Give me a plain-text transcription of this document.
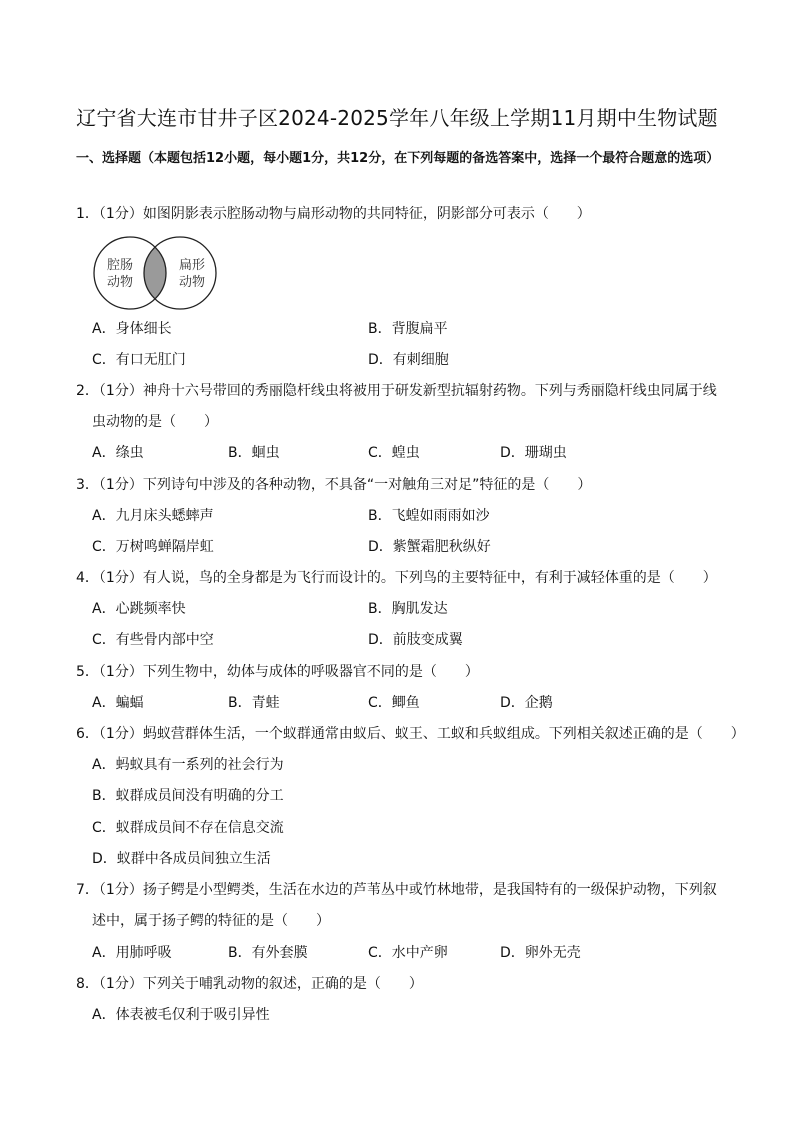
辽宁省大连市甘井子区2024-2025学年八年级上学期11月期中生物试题
一、选择题（本题包括12小题，每小题1分，共12分，在下列每题的备选答案中，选择一个最符合题意的选项）
1．（1分）如图阴影表示腔肠动物与扁形动物的共同特征，阴影部分可表示（　　）
腔肠
动物
扁形
动物
A．身体细长	B．背腹扁平
C．有口无肛门	D．有刺细胞
2．（1分）神舟十六号带回的秀丽隐杆线虫将被用于研发新型抗辐射药物。下列与秀丽隐杆线虫同属于线
虫动物的是（　　）
A．绦虫	B．蛔虫	C．蝗虫	D．珊瑚虫
3．（1分）下列诗句中涉及的各种动物，不具备“一对触角三对足”特征的是（　　）
A．九月床头蟋蟀声	B．飞蝗如雨雨如沙
C．万树鸣蝉隔岸虹	D．紫蟹霜肥秋纵好
4．（1分）有人说，鸟的全身都是为飞行而设计的。下列鸟的主要特征中，有利于减轻体重的是（　　）
A．心跳频率快	B．胸肌发达
C．有些骨内部中空	D．前肢变成翼
5．（1分）下列生物中，幼体与成体的呼吸器官不同的是（　　）
A．蝙蝠	B．青蛙	C．鲫鱼	D．企鹅
6．（1分）蚂蚁营群体生活，一个蚁群通常由蚁后、蚁王、工蚁和兵蚁组成。下列相关叙述正确的是（　　）
A．蚂蚁具有一系列的社会行为
B．蚁群成员间没有明确的分工
C．蚁群成员间不存在信息交流
D．蚁群中各成员间独立生活
7．（1分）扬子鳄是小型鳄类，生活在水边的芦苇丛中或竹林地带，是我国特有的一级保护动物，下列叙
述中，属于扬子鳄的特征的是（　　）
A．用肺呼吸	B．有外套膜	C．水中产卵	D．卵外无壳
8．（1分）下列关于哺乳动物的叙述，正确的是（　　）
A．体表被毛仅利于吸引异性
